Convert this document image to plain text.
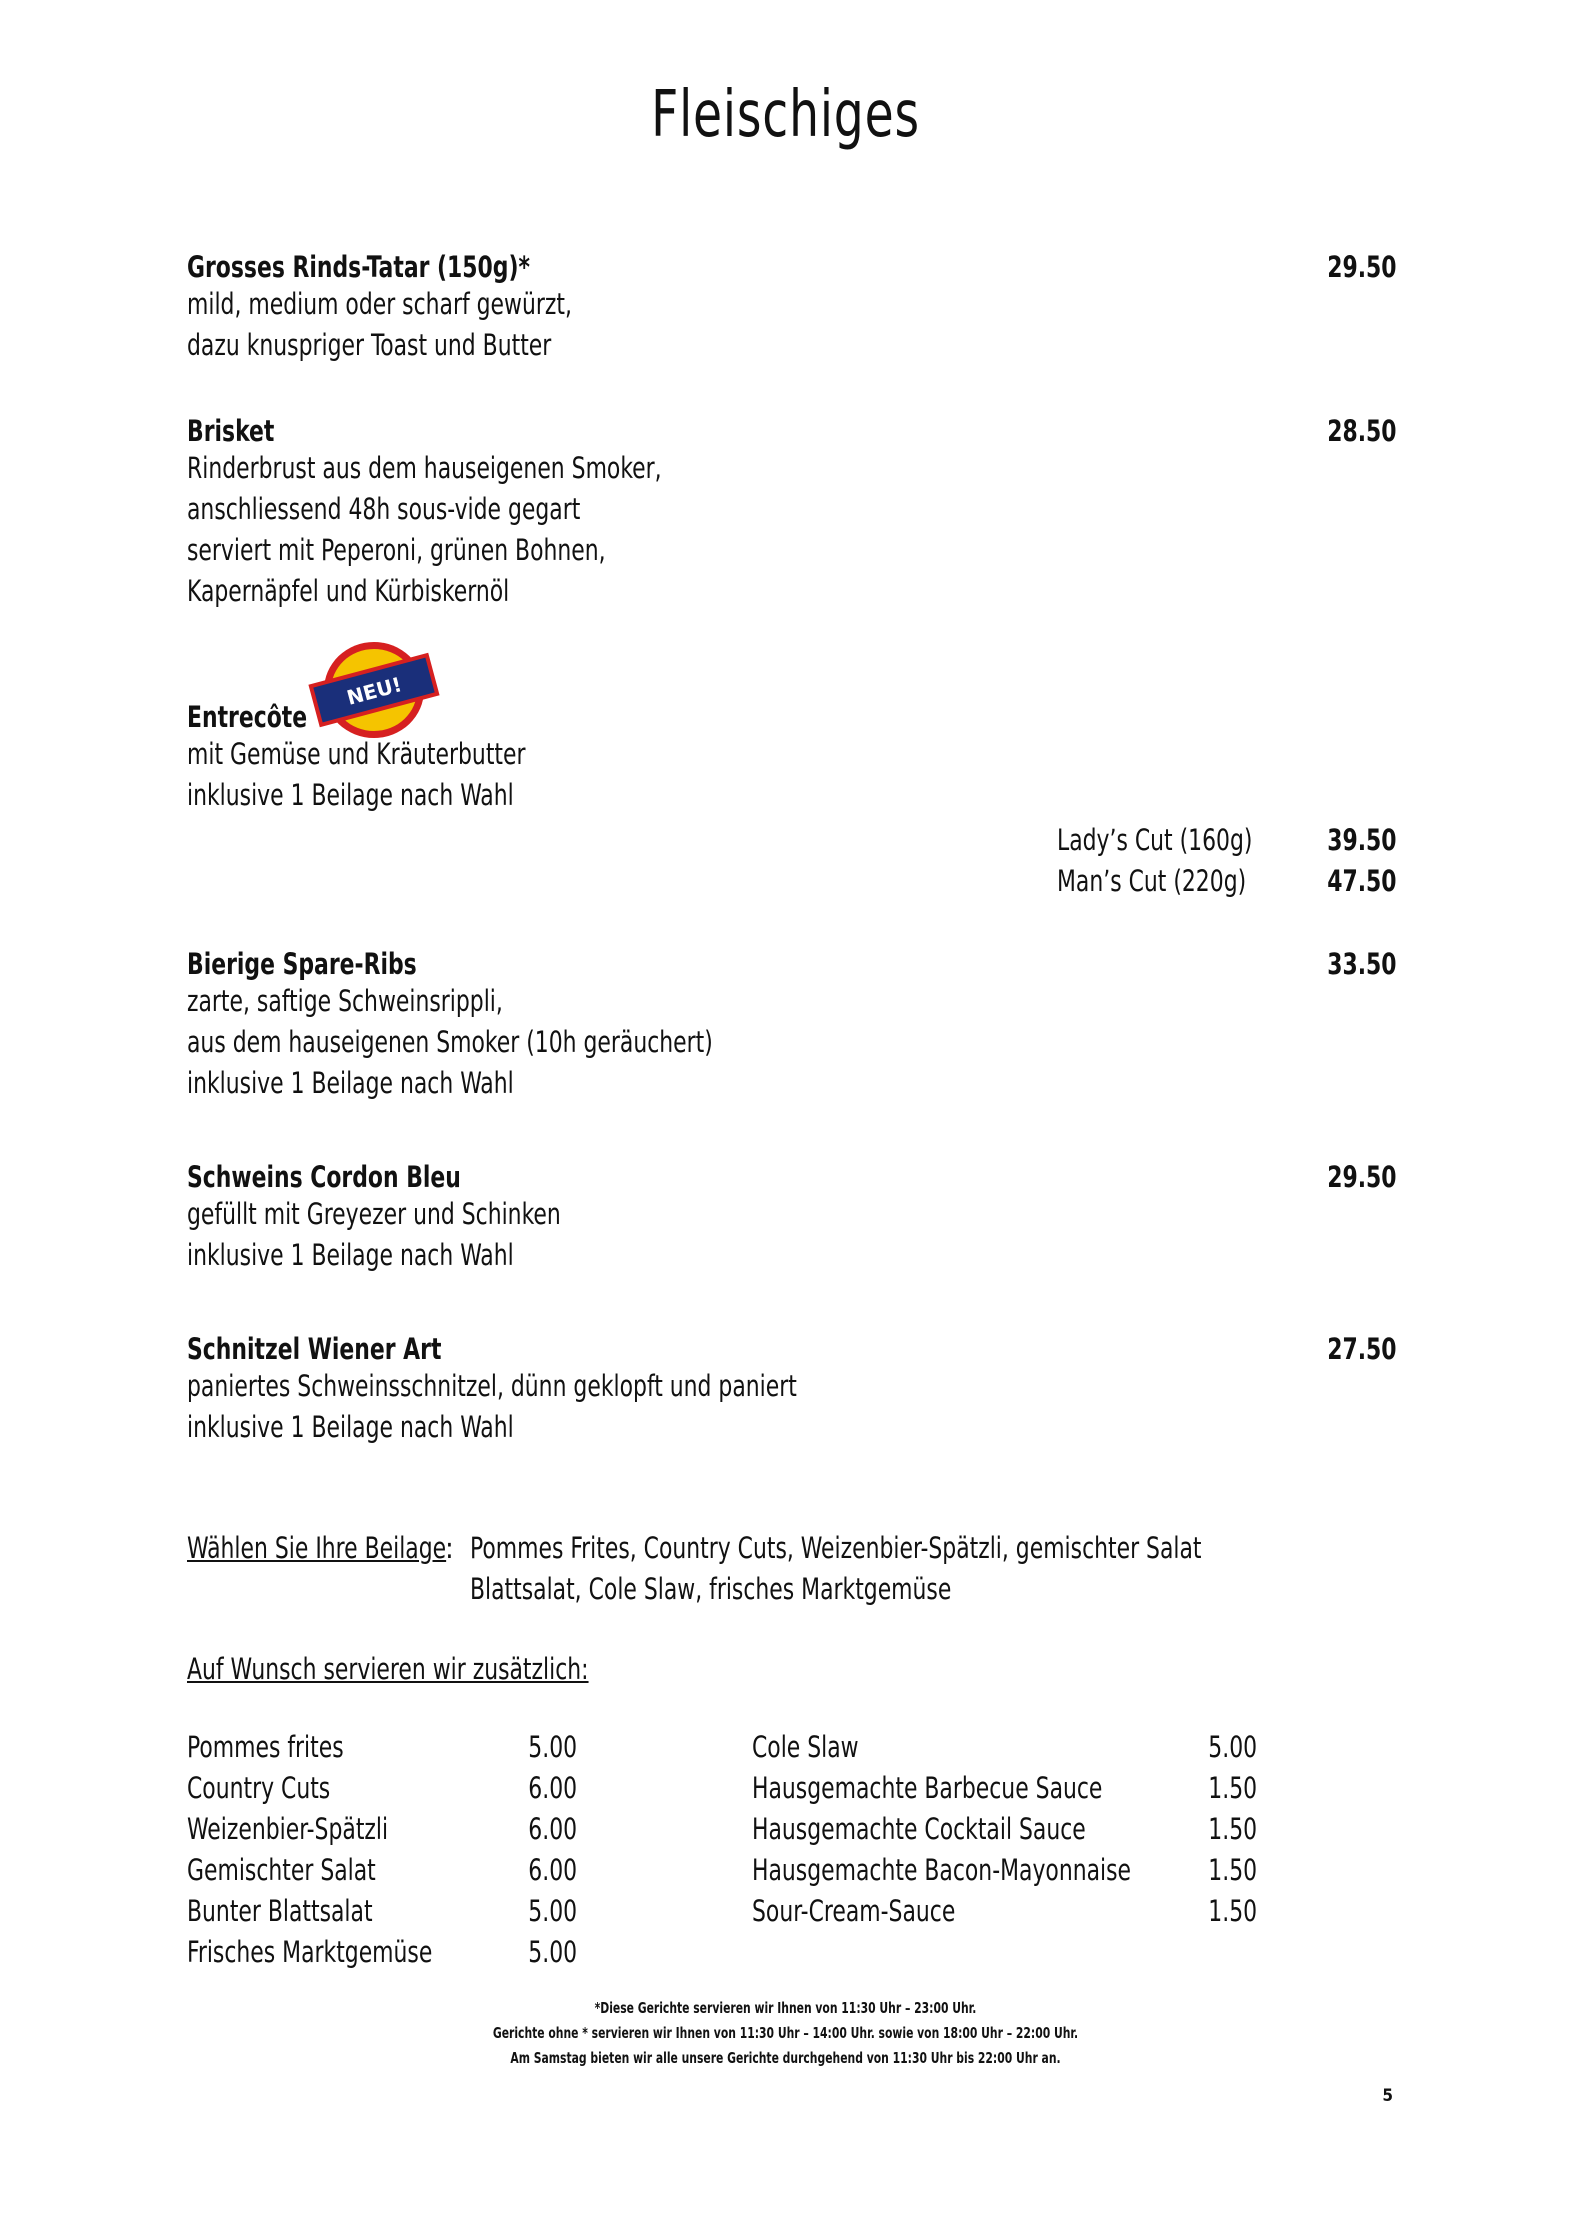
Fleischiges
Grosses Rinds-Tatar (150g)*	29.50
mild, medium oder scharf gewürzt,
dazu knuspriger Toast und Butter
Brisket	28.50
Rinderbrust aus dem hauseigenen Smoker,
anschliessend 48h sous-vide gegart
serviert mit Peperoni, grünen Bohnen,
Kapernäpfel und Kürbiskernöl
NEU!
Entrecôte
mit Gemüse und Kräuterbutter
inklusive 1 Beilage nach Wahl
Lady’s Cut (160g)	39.50
Man’s Cut (220g)	47.50
Bierige Spare-Ribs	33.50
zarte, saftige Schweinsrippli,
aus dem hauseigenen Smoker (10h geräuchert)
inklusive 1 Beilage nach Wahl
Schweins Cordon Bleu	29.50
gefüllt mit Greyezer und Schinken
inklusive 1 Beilage nach Wahl
Schnitzel Wiener Art	27.50
paniertes Schweinsschnitzel, dünn geklopft und paniert
inklusive 1 Beilage nach Wahl
Wählen Sie Ihre Beilage
: Pommes Frites, Country Cuts, Weizenbier-Spätzli, gemischter Salat
Blattsalat, Cole Slaw, frisches Marktgemüse
Auf Wunsch servieren wir zusätzlich:
Pommes frites	5.00
Country Cuts	6.00
Weizenbier-Spätzli	6.00
Gemischter Salat	6.00
Bunter Blattsalat	5.00
Frisches Marktgemüse	5.00
Cole Slaw	5.00
Hausgemachte Barbecue Sauce	1.50
Hausgemachte Cocktail Sauce	1.50
Hausgemachte Bacon-Mayonnaise	1.50
Sour-Cream-Sauce	1.50
*Diese Gerichte servieren wir Ihnen von 11:30 Uhr – 23:00 Uhr.
Gerichte ohne * servieren wir Ihnen von 11:30 Uhr – 14:00 Uhr. sowie von 18:00 Uhr – 22:00 Uhr.
Am Samstag bieten wir alle unsere Gerichte durchgehend von 11:30 Uhr bis 22:00 Uhr an.
5
